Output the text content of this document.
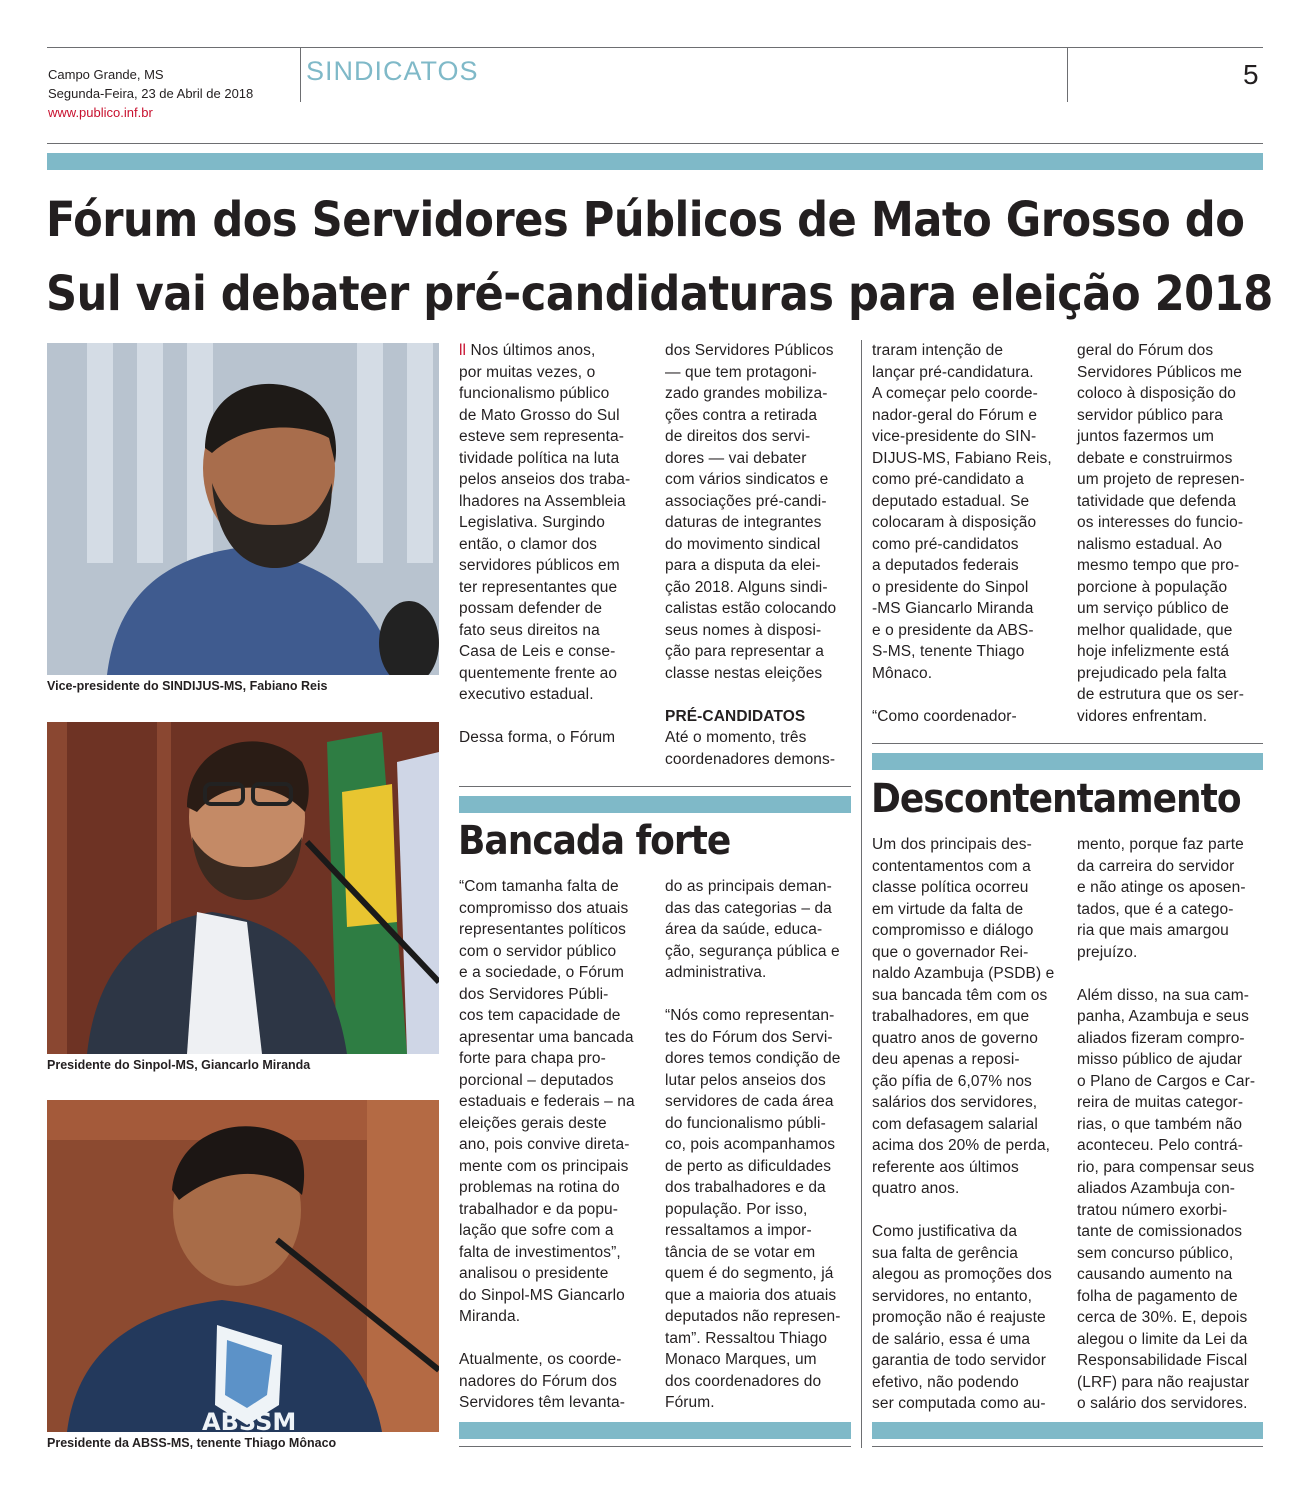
Campo Grande, MS
Segunda-Feira, 23 de Abril de 2018
www.publico.inf.br
SINDICATOS	5
Fórum dos Servidores Públicos de Mato Grosso do
Sul vai debater pré-candidaturas para eleição 2018
Vice-presidente do SINDIJUS-MS, Fabiano Reis
Presidente do Sinpol-MS, Giancarlo Miranda
ABSSM
Presidente da ABSS-MS, tenente Thiago Mônaco
ll Nos últimos anos,
por muitas vezes, o
funcionalismo público
de Mato Grosso do Sul
esteve sem representa-
tividade política na luta
pelos anseios dos traba-
lhadores na Assembleia
Legislativa. Surgindo
então, o clamor dos
servidores públicos em
ter representantes que
possam defender de
fato seus direitos na
Casa de Leis e conse-
quentemente frente ao
executivo estadual.

Dessa forma, o Fórum
dos Servidores Públicos
— que tem protagoni-
zado grandes mobiliza-
ções contra a retirada
de direitos dos servi-
dores — vai debater
com vários sindicatos e
associações pré-candi-
daturas de integrantes
do movimento sindical
para a disputa da elei-
ção 2018. Alguns sindi-
calistas estão colocando
seus nomes à disposi-
ção para representar a
classe nestas eleições
PRÉ-CANDIDATOS
Até o momento, três
coordenadores demons-
traram intenção de
lançar pré-candidatura.
A começar pelo coorde-
nador-geral do Fórum e
vice-presidente do SIN-
DIJUS-MS, Fabiano Reis,
como pré-candidato a
deputado estadual. Se
colocaram à disposição
como pré-candidatos
a deputados federais
o presidente do Sinpol
-MS Giancarlo Miranda
e o presidente da ABS-
S-MS, tenente Thiago
Mônaco.

“Como coordenador-
geral do Fórum dos
Servidores Públicos me
coloco à disposição do
servidor público para
juntos fazermos um
debate e construirmos
um projeto de represen-
tatividade que defenda
os interesses do funcio-
nalismo estadual. Ao
mesmo tempo que pro-
porcione à população
um serviço público de
melhor qualidade, que
hoje infelizmente está
prejudicado pela falta
de estrutura que os ser-
vidores enfrentam.
Bancada forte
“Com tamanha falta de
compromisso dos atuais
representantes políticos
com o servidor público
e a sociedade, o Fórum
dos Servidores Públi-
cos tem capacidade de
apresentar uma bancada
forte para chapa pro-
porcional – deputados
estaduais e federais – na
eleições gerais deste
ano, pois convive direta-
mente com os principais
problemas na rotina do
trabalhador e da popu-
lação que sofre com a
falta de investimentos”,
analisou o presidente
do Sinpol-MS Giancarlo
Miranda.

Atualmente, os coorde-
nadores do Fórum dos
Servidores têm levanta-
do as principais deman-
das das categorias – da
área da saúde, educa-
ção, segurança pública e
administrativa.

“Nós como representan-
tes do Fórum dos Servi-
dores temos condição de
lutar pelos anseios dos
servidores de cada área
do funcionalismo públi-
co, pois acompanhamos
de perto as dificuldades
dos trabalhadores e da
população. Por isso,
ressaltamos a impor-
tância de se votar em
quem é do segmento, já
que a maioria dos atuais
deputados não represen-
tam”. Ressaltou Thiago
Monaco Marques, um
dos coordenadores do
Fórum.
Descontentamento
Um dos principais des-
contentamentos com a
classe política ocorreu
em virtude da falta de
compromisso e diálogo
que o governador Rei-
naldo Azambuja (PSDB) e
sua bancada têm com os
trabalhadores, em que
quatro anos de governo
deu apenas a reposi-
ção pífia de 6,07% nos
salários dos servidores,
com defasagem salarial
acima dos 20% de perda,
referente aos últimos
quatro anos.

Como justificativa da
sua falta de gerência
alegou as promoções dos
servidores, no entanto,
promoção não é reajuste
de salário, essa é uma
garantia de todo servidor
efetivo, não podendo
ser computada como au-
mento, porque faz parte
da carreira do servidor
e não atinge os aposen-
tados, que é a catego-
ria que mais amargou
prejuízo.

Além disso, na sua cam-
panha, Azambuja e seus
aliados fizeram compro-
misso público de ajudar
o Plano de Cargos e Car-
reira de muitas categor-
rias, o que também não
aconteceu. Pelo contrá-
rio, para compensar seus
aliados Azambuja con-
tratou número exorbi-
tante de comissionados
sem concurso público,
causando aumento na
folha de pagamento de
cerca de 30%. E, depois
alegou o limite da Lei da
Responsabilidade Fiscal
(LRF) para não reajustar
o salário dos servidores.
